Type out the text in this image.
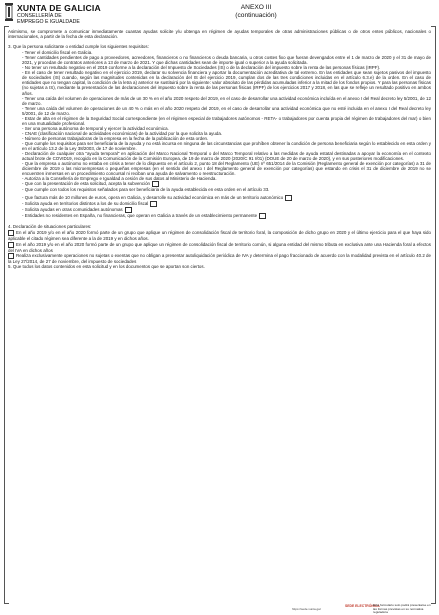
XUNTA DE GALICIA
CONSELLERÍA DE
EMPREGO E IGUALDADE
ANEXO III
(continuación)

Asimismo, se compromete a comunicar inmediatamente cuantas ayudas solicite y/u obtenga en régimen de ayudas temporales de otras administraciones públicas o de otros entes públicos, nacionales o internacionales, a partir de la fecha de esta declaración.

3. Que la persona solicitante o entidad cumple los siguientes requisitos:

- Tener el domicilio fiscal en Galicia.

- Tener cantidades pendientes de pago a proveedores, acreedores, financieros o no financieros o deuda bancaria, u otros costes fixo que fueran devengados entre el 1 de marzo de 2020 y el 31 de mayo de 2021, y procedan de contratos anteriores a 13 de marzo de 2021. Y que dichas cantidades sean de importe igual o superior a la ayuda solicitada.

- No tener un resultado negativo en el 2019 conforme a la declaración del Impuesto de Sociedades (IS) o de la declaración del impuesto sobre la renta de las personas físicas (IRPF).

- En el caso de tener resultado negativo en el ejercicio 2019, declarar su solvencia financiera y aportar la documentación acreditativa de tal extremo. En las entidades que sean sujetos pasivos del impuesto de sociedades (IS) cuando, según las magnitudes contenidas en la declaración del IS del ejercicio 2019, cumplan dos de las tres condiciones incluidas en el artículo 6.3.e) de la orden. En el caso de entidades que no tengan capital, la condición de la letra a) anterior se sustituirá por la siguiente: valor absoluto de las pérdidas acumuladas inferior a la mitad de los fondos propios. Y para las personas físicas (no sujetas a IS), mediante la presentación de las declaraciones del impuesto sobre la renta de las personas físicas (IRPF) de los ejercicios 2017 y 2018, en las que se refleje un resultado positivo en ambos años.

- Tener una caída del volumen de operaciones de más de un 30 % en el año 2020 respeto del 2019, en el caso de desarrollar una actividad económica incluída en el anexo I del Real decreto ley 5/2001, de 12 de marzo.

- Tener una caída del volumen de operaciones de un 40 % o más en el año 2020 respeto del 2019, en el caso de desarrollar una actividad económica que no esté incluida en el anexo I del Real decreto ley 5/2001, de 12 de marzo.

- Estar de alta en el régimen de la Seguridad Social correspondiente (en el régimen especial de trabajadores autónomos - RETA- o trabajadores por cuenta propia del régimen de trabajadores del mar) o bien en una mutualidade profesional.

- Ser una persona autónoma de temporal y ejercer la actividad económica.

- CNAE (clasificación nacional de actividades económicas) de la actividad por la que solicita la ayuda.

- Número de personas trabajadoras de la empresa en la fecha de la publicación de esta orden.

- Que cumple los requisitos para ser beneficiaria de la ayuda y no está incursa en ninguna de las circunstancias que prohíben obtener la condición de persona beneficiaria según lo establecido en esta orden y en el artículo 13.2 de la Ley 38/2003, de 17 de noviembre.

- Declaración de cualquier otra "ayuda temporal" en aplicación del Marco Nacional Temporal o del Marco Temporal relativo a las medidas de ayuda estatal destinadas a apoyar la economía en el contexto actual brote de COVID19, recogido en la Comunicación de la Comisión Europea, de 19 de marzo de 2020 (2020/C 91 I/01) (DOUE de 20 de marzo de 2020), y en sus posteriores modificaciones.

- Que la empresa o autónomo no estaba en crisis a tener de lo dispuesto en el artículo 2, punto 18 del Reglamento (UE) nº 651/2014 de la Comisión (Reglamento general de exención por categorías) a 31 de diciembre de 2019 o las microempresas o pequeñas empresas (en el sentido del anexo I del Reglamento general de exención por categorías) que estando en crisis el 31 de diciembre de 2019 no se encuentren inmersas en un procedimiento concursal ni reciban una ayuda de salvamento o reestructuración.

- Autoriza a la Consellería de Emprego e Igualdad a cesión de sus datos al Ministerio de Hacienda.

- Que con la presentación de esta solicitud, acepta la subvención

- Que cumple con todos los requisitos señalados para ser beneficiaria de la ayuda establecida en esta orden en el artículo 33.

- Que factura más de 10 millones de euros, opera en Galicia, y desarrolle su actividad económica en más de un territorio autonómico

- Solicita ayuda en territorios distintos a los de su domicilio fiscal

- Solicita ayudas en otras comunidades autónomas

- Entidades no residentes en España, no financieras, que operan en Galicia a través de un establecimiento permanente

4. Declaración de situaciones particulares:

En el año 2019 y/o en el año 2020 formó parte de un grupo que aplique un régimen de consolidación fiscal de territorio foral, la composición de dicho grupo en 2020 y el último ejercicio para el que haya sido aplicable el citado régimen sea diferente a la de 2019 y en dichos años.

En el año 2019 y/o en el año 2020 formó parte de un grupo que aplique un régimen de consolidación fiscal de territorio común, si alguna entidad del mismo tributa en exclusiva ante una Hacienda foral a efectos del IVA en dichos años

Realiza exclusivamente operaciones no sujetas o exentas que no obligan a presentar autoliquidación periódica de IVA y determina el pago fraccionado de acuerdo con la modalidad prevista en el artículo 40.2 de la Ley 27/2014, de 27 de noviembre, del impuesto de sociedades

5. Que todos los datos contenidos en esta solicitud y en los documentos que se aportan son ciertos.

https://sede.xunta.gal
SEDE ELECTRÓNICA
Este formulario solo podrá presentarse en las formas previstas en su normativa reguladora
